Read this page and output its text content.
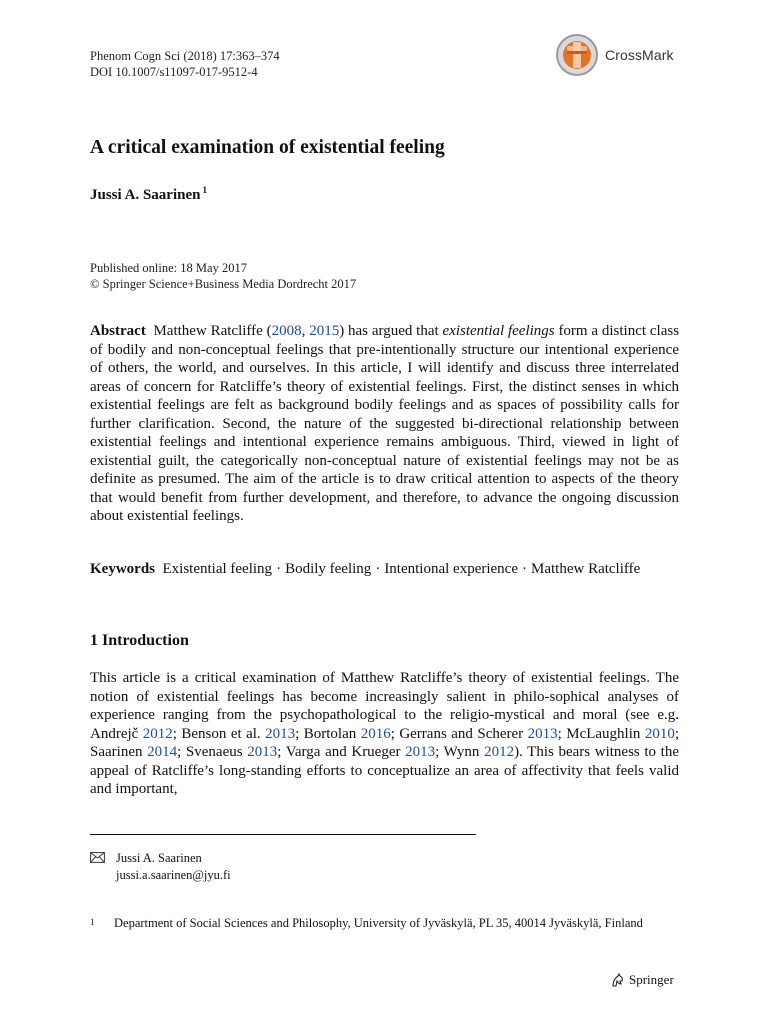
Phenom Cogn Sci (2018) 17:363–374
DOI 10.1007/s11097-017-9512-4
CrossMark
A critical examination of existential feeling
Jussi A. Saarinen $^1$
Published online: 18 May 2017
© Springer Science+Business Media Dordrecht 2017

Abstract Matthew Ratcliffe (2008, 2015) has argued that existential feelings form a distinct class of bodily and non-conceptual feelings that pre-intentionally structure our intentional experience of others, the world, and ourselves. In this article, I will identify and discuss three interrelated areas of concern for Ratcliffe’s theory of existential feelings. First, the distinct senses in which existential feelings are felt as background bodily feelings and as spaces of possibility calls for further clarification. Second, the nature of the suggested bi-directional relationship between existential feelings and intentional experience remains ambiguous. Third, viewed in light of existential guilt, the categorically non-conceptual nature of existential feelings may not be as definite as presumed. The aim of the article is to draw critical attention to aspects of the theory that would benefit from further development, and therefore, to advance the ongoing discussion about existential feelings.

Keywords Existential feeling · Bodily feeling · Intentional experience · Matthew Ratcliffe

1 Introduction

This article is a critical examination of Matthew Ratcliffe’s theory of existential feelings. The notion of existential feelings has become increasingly salient in philo-sophical analyses of experience ranging from the psychopathological to the religio-mystical and moral (see e.g. Andrejč 2012; Benson et al. 2013; Bortolan 2016; Gerrans and Scherer 2013; McLaughlin 2010; Saarinen 2014; Svenaeus 2013; Varga and Krueger 2013; Wynn 2012). This bears witness to the appeal of Ratcliffe’s long-standing efforts to conceptualize an area of affectivity that feels valid and important,

Jussi A. Saarinen
jussi.a.saarinen@jyu.fi
1	Department of Social Sciences and Philosophy, University of Jyväskylä, PL 35, 40014 Jyväskylä, Finland
Springer
